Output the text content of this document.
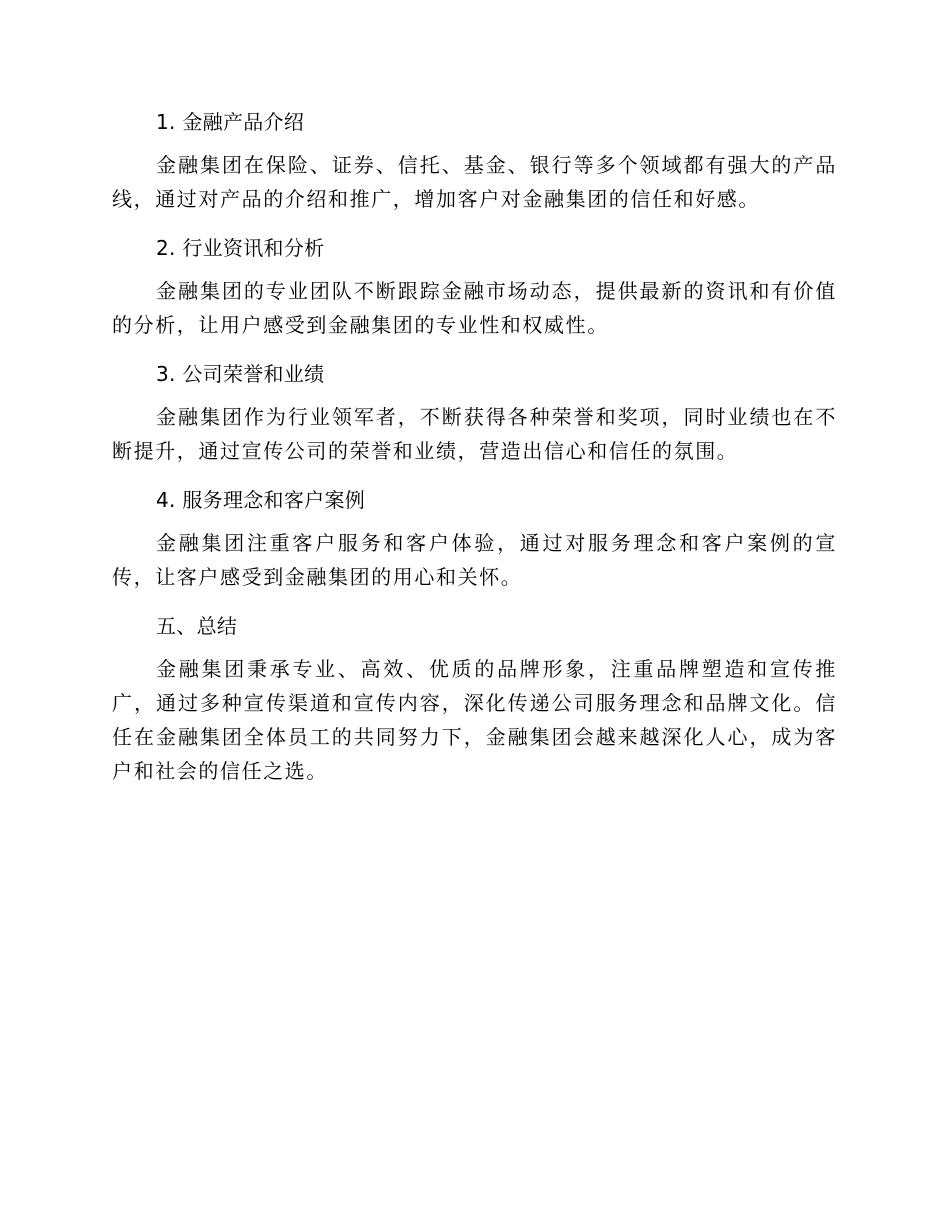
1. 金融产品介绍

金融集团在保险、证券、信托、基金、银行等多个领域都有强大的产品线，通过对产品的介绍和推广，增加客户对金融集团的信任和好感。

2. 行业资讯和分析

金融集团的专业团队不断跟踪金融市场动态，提供最新的资讯和有价值的分析，让用户感受到金融集团的专业性和权威性。

3. 公司荣誉和业绩

金融集团作为行业领军者，不断获得各种荣誉和奖项，同时业绩也在不断提升，通过宣传公司的荣誉和业绩，营造出信心和信任的氛围。

4. 服务理念和客户案例

金融集团注重客户服务和客户体验，通过对服务理念和客户案例的宣传，让客户感受到金融集团的用心和关怀。

五、总结

金融集团秉承专业、高效、优质的品牌形象，注重品牌塑造和宣传推广，通过多种宣传渠道和宣传内容，深化传递公司服务理念和品牌文化。信任在金融集团全体员工的共同努力下，金融集团会越来越深化人心，成为客户和社会的信任之选。
